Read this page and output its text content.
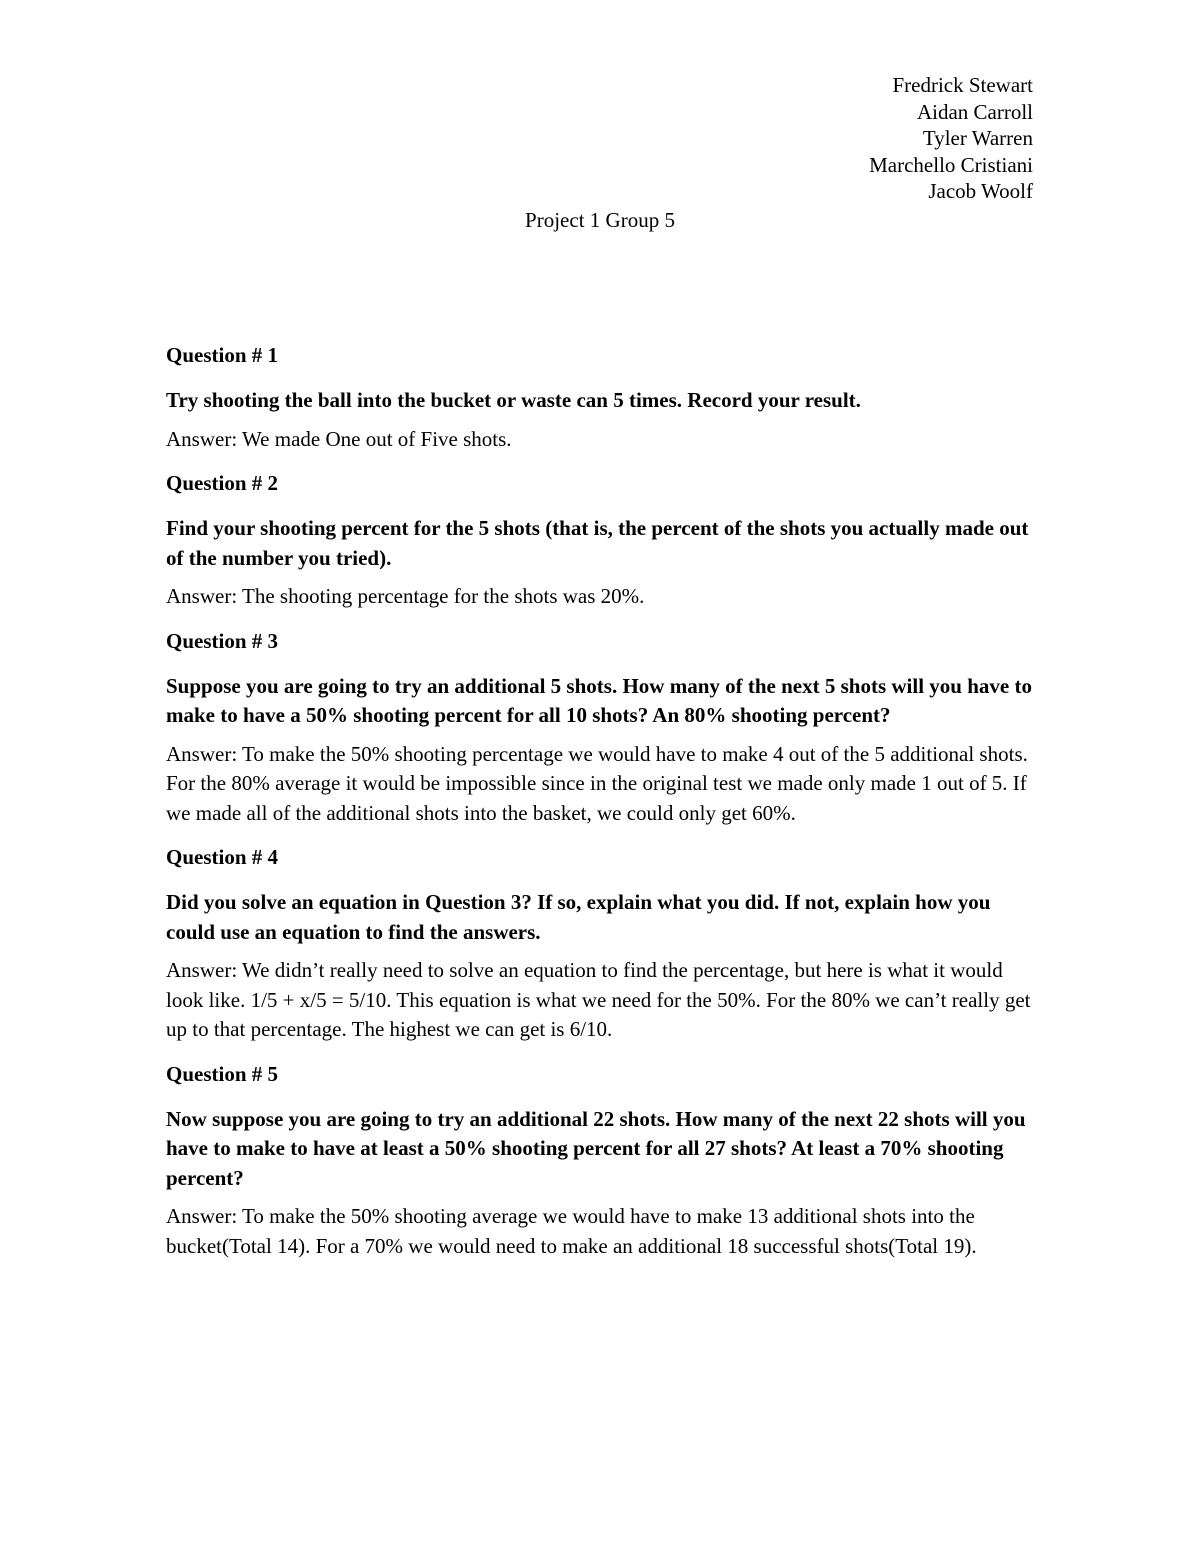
Fredrick Stewart
Aidan Carroll
Tyler Warren
Marchello Cristiani
Jacob Woolf
Project 1 Group 5
Question # 1
Try shooting the ball into the bucket or waste can 5 times. Record your result.
Answer: We made One out of Five shots.
Question # 2
Find your shooting percent for the 5 shots (that is, the percent of the shots you actually made out of the number you tried).
Answer: The shooting percentage for the shots was 20%.
Question # 3
Suppose you are going to try an additional 5 shots. How many of the next 5 shots will you have to make to have a 50% shooting percent for all 10 shots? An 80% shooting percent?
Answer: To make the 50% shooting percentage we would have to make 4 out of the 5 additional shots. For the 80% average it would be impossible since in the original test we made only made 1 out of 5. If we made all of the additional shots into the basket, we could only get 60%.
Question # 4
Did you solve an equation in Question 3? If so, explain what you did. If not, explain how you could use an equation to find the answers.
Answer: We didn’t really need to solve an equation to find the percentage, but here is what it would look like. 1/5 + x/5 = 5/10. This equation is what we need for the 50%. For the 80% we can’t really get up to that percentage. The highest we can get is 6/10.
Question # 5
Now suppose you are going to try an additional 22 shots. How many of the next 22 shots will you have to make to have at least a 50% shooting percent for all 27 shots? At least a 70% shooting percent?
Answer: To make the 50% shooting average we would have to make 13 additional shots into the bucket(Total 14). For a 70% we would need to make an additional 18 successful shots(Total 19).
